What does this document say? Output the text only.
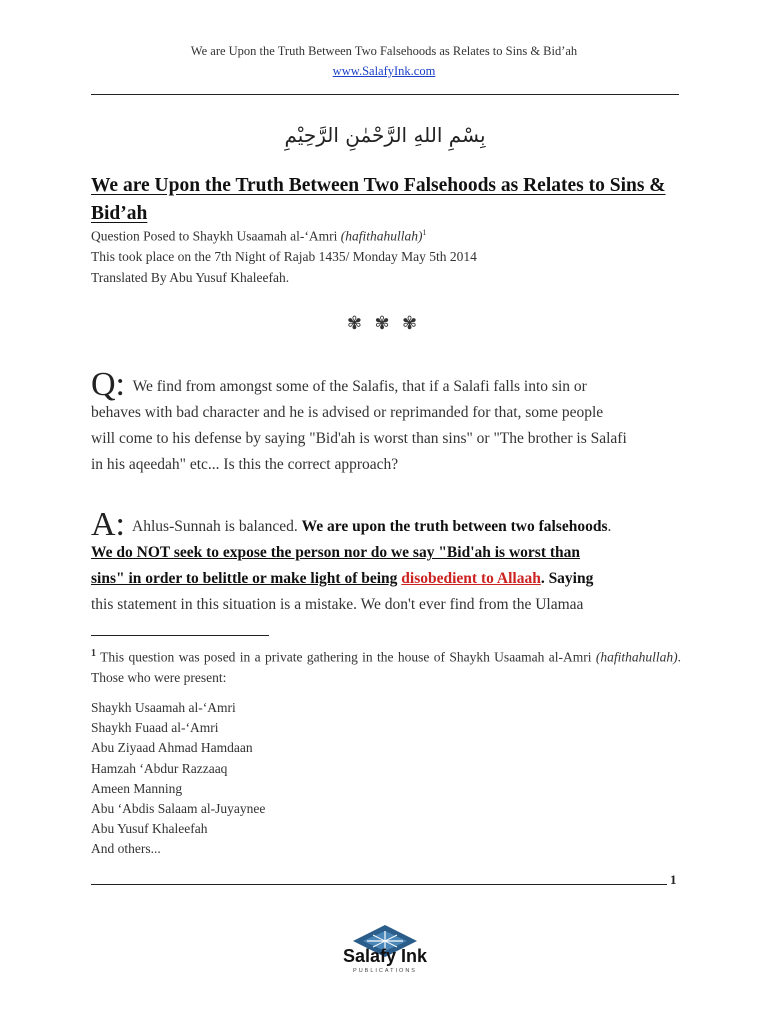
We are Upon the Truth Between Two Falsehoods as Relates to Sins & Bid’ah
www.SalafyInk.com
بِسْمِ اللهِ الرَّحْمٰنِ الرَّحِيْمِ
We are Upon the Truth Between Two Falsehoods as Relates to Sins & Bid’ah
Question Posed to Shaykh Usaamah al-‘Amri (hafithahullah)$^1$
This took place on the 7th Night of Rajab 1435/ Monday May 5th 2014
Translated By Abu Yusuf Khaleefah.
✾ ✾ ✾
Q: We find from amongst some of the Salafis, that if a Salafi falls into sin or
behaves with bad character and he is advised or reprimanded for that, some people
will come to his defense by saying "Bid'ah is worst than sins" or "The brother is Salafi
in his aqeedah" etc... Is this the correct approach?
A: Ahlus-Sunnah is balanced. We are upon the truth between two falsehoods.
We do NOT seek to expose the person nor do we say "Bid'ah is worst than
sins" in order to belittle or make light of being disobedient to Allaah. Saying
this statement in this situation is a mistake. We don't ever find from the Ulamaa
$^1$ This question was posed in a private gathering in the house of Shaykh Usaamah al-Amri (hafithahullah). Those who were present:
Shaykh Usaamah al-‘Amri
Shaykh Fuaad al-‘Amri
Abu Ziyaad Ahmad Hamdaan
Hamzah ‘Abdur Razzaaq
Ameen Manning
Abu ‘Abdis Salaam al-Juyaynee
Abu Yusuf Khaleefah
And others...
1
Salafy Ink
PUBLICATIONS
